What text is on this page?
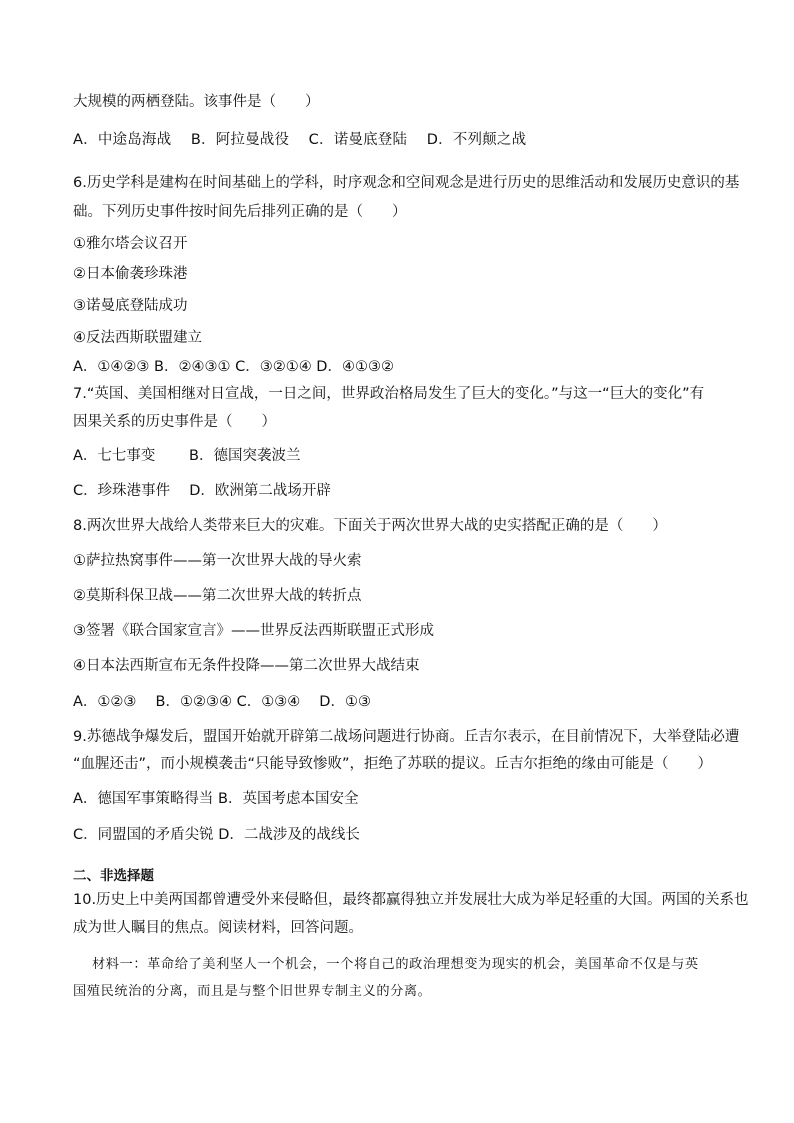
大规模的两栖登陆。该事件是（　　）
A．中途岛海战　 B．阿拉曼战役　 C．诺曼底登陆　 D．不列颠之战
6.历史学科是建构在时间基础上的学科，时序观念和空间观念是进行历史的思维活动和发展历史意识的基
础。下列历史事件按时间先后排列正确的是（　　）
①雅尔塔会议召开
②日本偷袭珍珠港
③诺曼底登陆成功
④反法西斯联盟建立
A．①④②③ B．②④③① C．③②①④ D．④①③②
7.“英国、美国相继对日宣战，一日之间，世界政治格局发生了巨大的变化。”与这一“巨大的变化”有
因果关系的历史事件是（　　）
A．七七事变　　 B．德国突袭波兰
C．珍珠港事件　 D．欧洲第二战场开辟
8.两次世界大战给人类带来巨大的灾难。下面关于两次世界大战的史实搭配正确的是（　　）
①萨拉热窝事件——第一次世界大战的导火索
②莫斯科保卫战——第二次世界大战的转折点
③签署《联合国家宣言》——世界反法西斯联盟正式形成
④日本法西斯宣布无条件投降——第二次世界大战结束
A．①②③　 B．①②③④ C．①③④　 D．①③
9.苏德战争爆发后，盟国开始就开辟第二战场问题进行协商。丘吉尔表示，在目前情况下，大举登陆必遭
“血腥还击”，而小规模袭击“只能导致惨败”，拒绝了苏联的提议。丘吉尔拒绝的缘由可能是（　　）
A．德国军事策略得当 B．英国考虑本国安全
C．同盟国的矛盾尖锐 D．二战涉及的战线长
二、非选择题
10.历史上中美两国都曾遭受外来侵略但，最终都赢得独立并发展壮大成为举足轻重的大国。两国的关系也
成为世人瞩目的焦点。阅读材料，回答问题。
材料一：革命给了美利坚人一个机会，一个将自己的政治理想变为现实的机会，美国革命不仅是与英
国殖民统治的分离，而且是与整个旧世界专制主义的分离。
